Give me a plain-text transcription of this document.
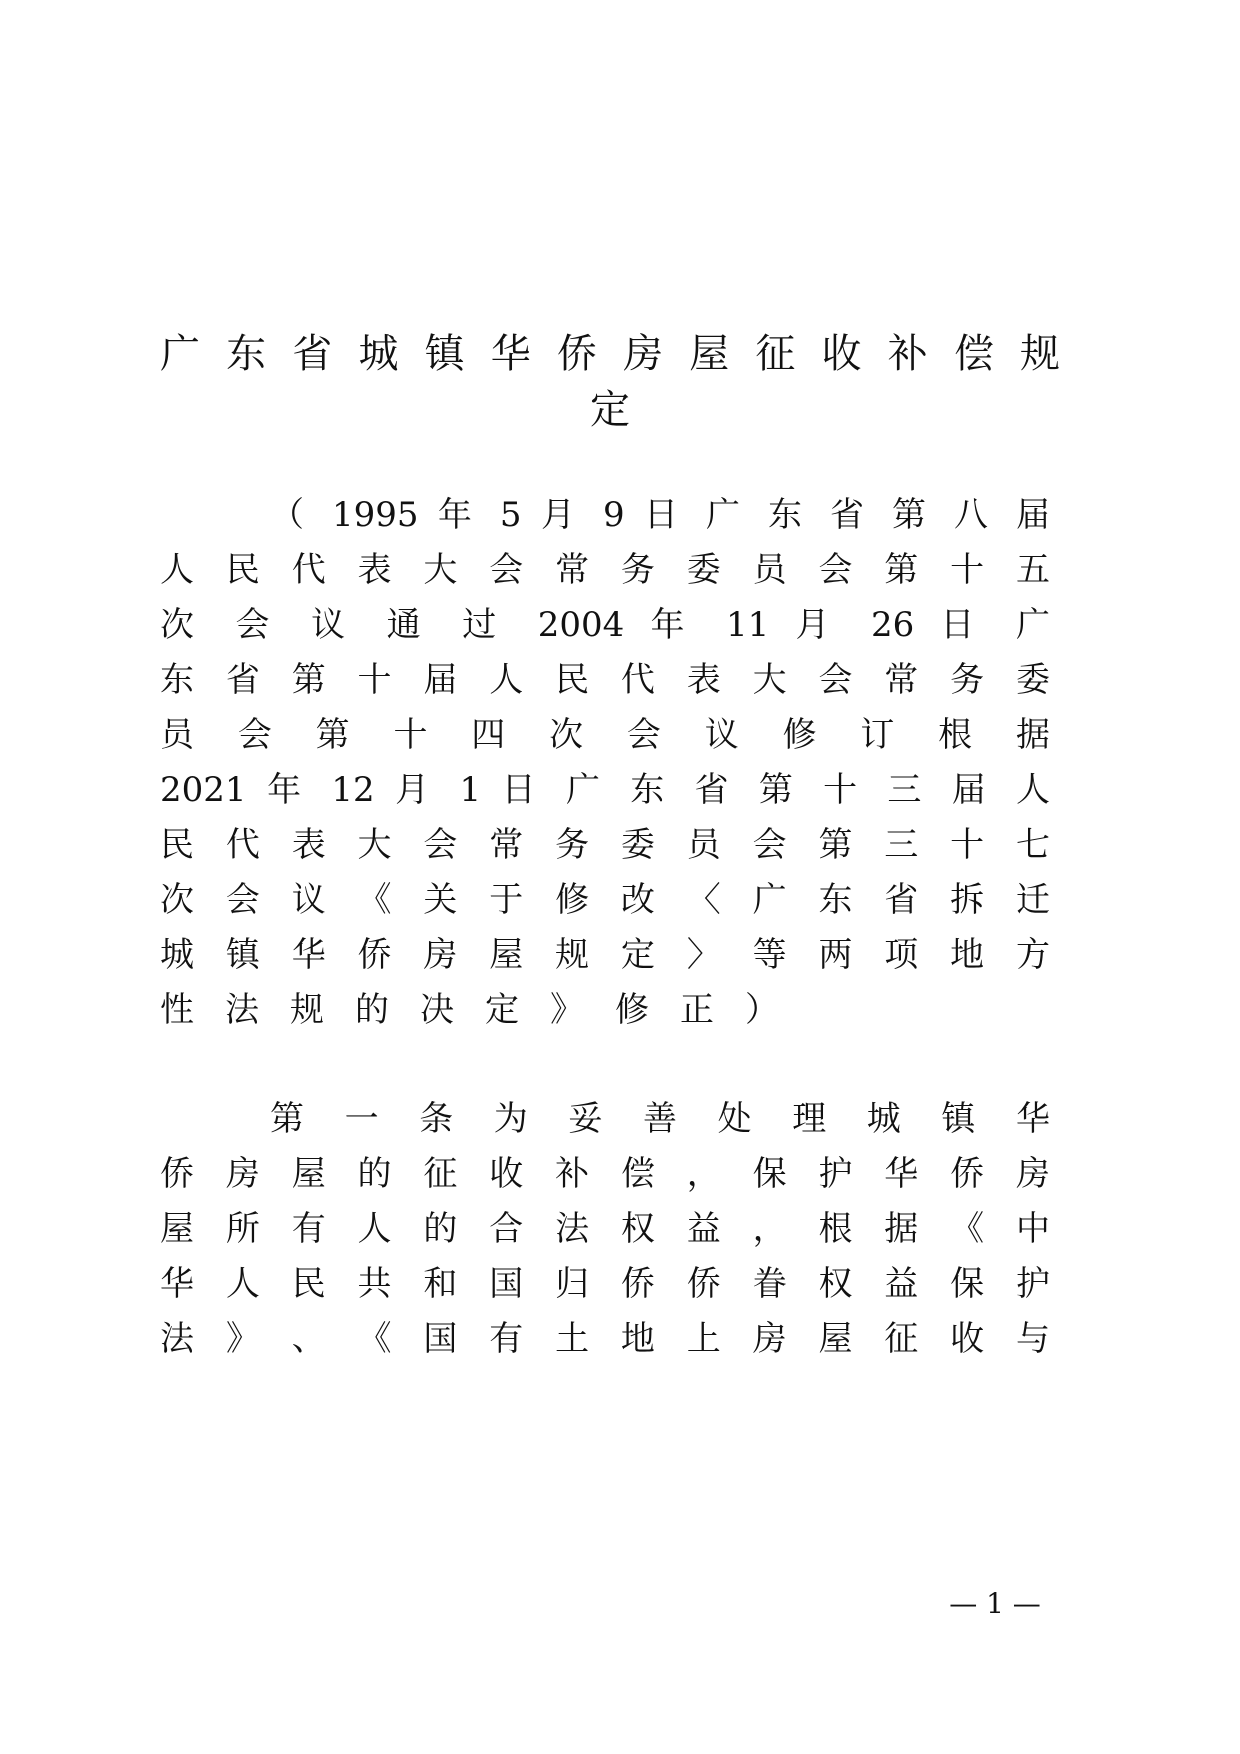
广 东 省 城 镇 华 侨 房 屋 征 收 补 偿 规
定
（ 1995 年 5 月 9 日 广 东 省 第 八 届
人 民 代 表 大 会 常 务 委 员 会 第 十 五
次 会 议 通 过 2004 年 11 月 26 日 广
东 省 第 十 届 人 民 代 表 大 会 常 务 委
员 会 第 十 四 次 会 议 修 订 根 据
2021 年 12 月 1 日 广 东 省 第 十 三 届 人
民 代 表 大 会 常 务 委 员 会 第 三 十 七
次 会 议 《 关 于 修 改 〈 广 东 省 拆 迁
城 镇 华 侨 房 屋 规 定 〉 等 两 项 地 方
性法规的决定》修正）
第 一 条 为 妥 善 处 理 城 镇 华
侨 房 屋 的 征 收 补 偿 ， 保 护 华 侨 房
屋 所 有 人 的 合 法 权 益 ， 根 据 《 中
华 人 民 共 和 国 归 侨 侨 眷 权 益 保 护
法 》 、 《 国 有 土 地 上 房 屋 征 收 与
— 1 —
